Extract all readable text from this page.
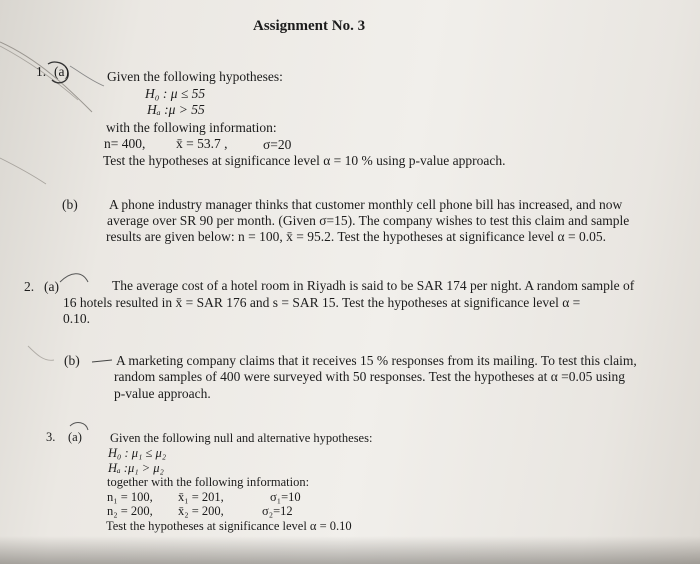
Assignment No. 3
1. (a)	Given the following hypotheses:
H₀ : μ ≤ 55
Hₐ :μ > 55
with the following information:
n= 400, x̄ = 53.7 ,	σ=20
Test the hypotheses at significance level α = 10 % using p-value approach.
(b) A phone industry manager thinks that customer monthly cell phone bill has increased, and now
average over SR 90 per month. (Given σ=15). The company wishes to test this claim and sample
results are given below: n = 100, x̄ = 95.2. Test the hypotheses at significance level α = 0.05.
2. (a)	The average cost of a hotel room in Riyadh is said to be SAR 174 per night. A random sample of
16 hotels resulted in x̄ = SAR 176 and s = SAR 15. Test the hypotheses at significance level α =
0.10.
(b)	A marketing company claims that it receives 15 % responses from its mailing. To test this claim,
random samples of 400 were surveyed with 50 responses. Test the hypotheses at α =0.05 using
p-value approach.
3. (a) Given the following null and alternative hypotheses:
H₀ : μ₁ ≤ μ₂
Hₐ :μ₁ > μ₂
together with the following information:
n₁ = 100, x̄₁ = 201,	σ₁=10
n₂ = 200, x̄₂ = 200,	σ₂=12
Test the hypotheses at significance level α = 0.10
